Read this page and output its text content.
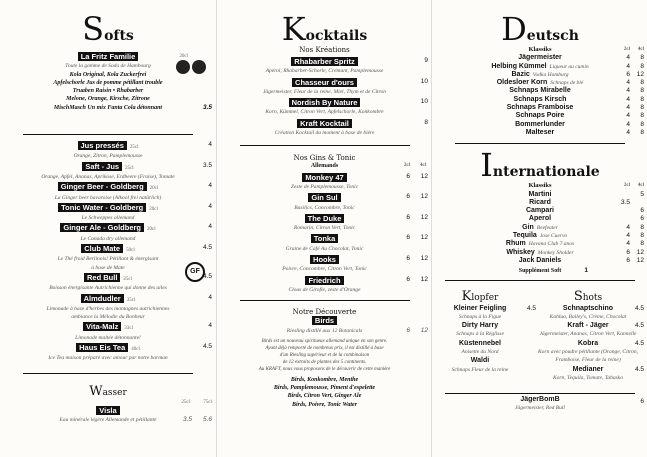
Softs
La Fritz Familie	20cl
Toute la gamme de Soda de Hambourg
Kola Original, Kola Zuckerfrei
Apfelschorle Jus de pomme pétillant trouble
Truaben Raisin • Rhabarber
Melone, Orange, Kirsche, Zitrone
MischMasch Un mix Fanta Cola détonnant	3.5
Jus pressés 25cl	4
Orange, Zitron, Pamplemousse
Saft - Jus 25cl	3.5
Orange, Apfel, Ananas, Aprikose, Erdbeere (Fraise), Tomate
Ginger Beer - Goldberg 20cl	4
La Ginger beer bavaroise (Alkool frei natürlich)
Tonic Water - Goldberg 20cl	4
Le Schweppes allemand
Ginger Ale - Goldberg 20cl	4
Le Canada dry allemand
Club Mate 50cl	4.5
Le Thé froid Berlinois! Pétillant & énergisant
à base de Mate
Red Bull 25cl	4.5
Boisson énergisante Autrichienne qui donne des ailes
Almdudler 35cl	4
Limonade à base d'herbes des montagnes autrichiennes
ambiance la Mélodie du Bonheur
Vita-Malz 33cl	4
Limonade maltée détonnante!
Haus Eis Tea 40cl	4.5
Ice Tea maison préparé avec amour par notre barman
GF
Wasser
25cl	75cl
Visla
Eau minérale légère Allemande et pétillante	3.5 5.6
Kocktails
Nos Kréations
Rhabarber Spritz	9
Apérol, Rhabarber-Schorle, Crémant, Pamplemousse
Chasseur d'ours	10
Jägermeister, Fleur de la reine, Miel, Thym et de Citron
Nordish By Nature	10
Korn, Kümmel, Citron Vert, Apfelschorle, Konkombre
Kraft Kocktail	8
Création Kocktail du moment à base de bière
Nos Gins & Tonic
Allemands	2cl 4cl
Monkey 47	6 12
Zeste de Pamplemousse, Tonic
Gin Sul	6 12
Basilics, Concombre, Tonic
The Duke	6 12
Romarin, Citron Vert, Tonic
Tonka	6 12
Graine de Café Au Chocolat, Tonic
Hooks	6 12
Poivre, Concombre, Citron Vert, Tonic
Friedrich	6 12
Clous de Girofle, zeste d'Orange
Notre Découverte
Birds
Riesling distillé aux 12 Botanicals	6 12
Birds est un nouveau spiritueux allemand unique en son genre.
Ayant déjà remporté de nombreux prix, il est distillé à base
d'un Riesling supérieur et de la combinaison
de 12 extraits de plantes des 5 continents.
Au KRAFT, nous vous proposons de le découvrir de cette manière
Birds, Konkombre, Menthe
Birds, Pamplemousse, Piment d'espelette
Birds, Citron Vert, Ginger Ale
Birds, Poivre, Tonic Water
Deutsch
Klassiks	2cl 4cl
Jägermeister	4 8
Helbing Kümmel Liqueur au cumin	4 8
Bazic Vodka Hamburg	6 12
Oldesloer Korn Schnaps de blé	4 8
Schnaps Mirabelle	4 8
Schnaps Kirsch	4 8
Schnaps Framboise	4 8
Schnaps Poire	4 8
Bommerlunder	4 8
Malteser	4 8
Internationale
Klassiks	2cl 4cl
Martini	5
Ricard	3.5
Campari	6
Aperol	6
Gin Beefeater	4 8
Tequila Jose Cuervo	4 8
Rhum Havana Club 7 anos	4 8
Whiskey Monkey Sholder	6 12
Jack Daniels	6 12
Supplément Soft	1
Klopfer
Kleiner Feigling	4.5
Schnaps à la Figue
Dirty Harry
Schnaps à la Réglisse
Küstennebel
Anisette du Nord
Waldi
Schnaps Fleur de la reine
Shots
Schnaptschino	4.5
Kahlua, Bailey's, Crème, Chocolat
Kraft - Jäger	4.5
Jägermeister, Ananas, Citron Vert, Kannelle
Kobra	4.5
Korn avec poudre pétillante (Orange, Citron, Framboise, Fleur de la reine)
Medianer	4.5
Korn, Tequila, Tomate, Tabasko
JägerBomB	6
Jägermeister, Red Bull
